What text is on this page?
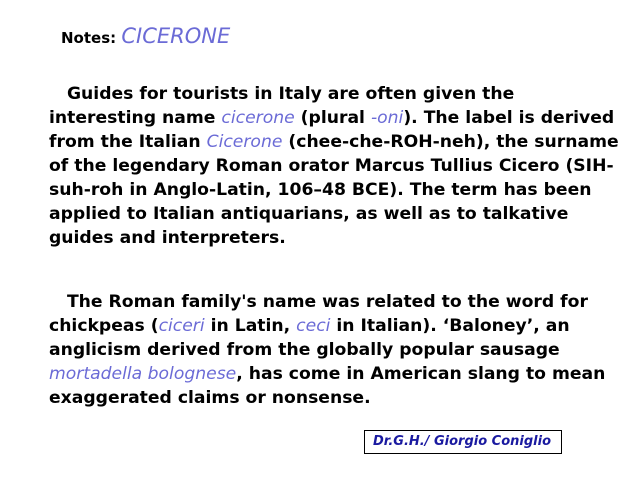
Notes: CICERONE

Guides for tourists in Italy are often given the interesting name cicerone (plural -oni). The label is derived from the Italian Cicerone (chee-che-ROH-neh), the surname of the legendary Roman orator Marcus Tullius Cicero (SIH-suh-roh in Anglo-Latin, 106–48 BCE). The term has been applied to Italian antiquarians, as well as to talkative guides and interpreters.

The Roman family's name was related to the word for chickpeas (ciceri in Latin, ceci in Italian). ‘Baloney’, an anglicism derived from the globally popular sausage mortadella bolognese, has come in American slang to mean exaggerated claims or nonsense.

Dr.G.H./ Giorgio Coniglio
